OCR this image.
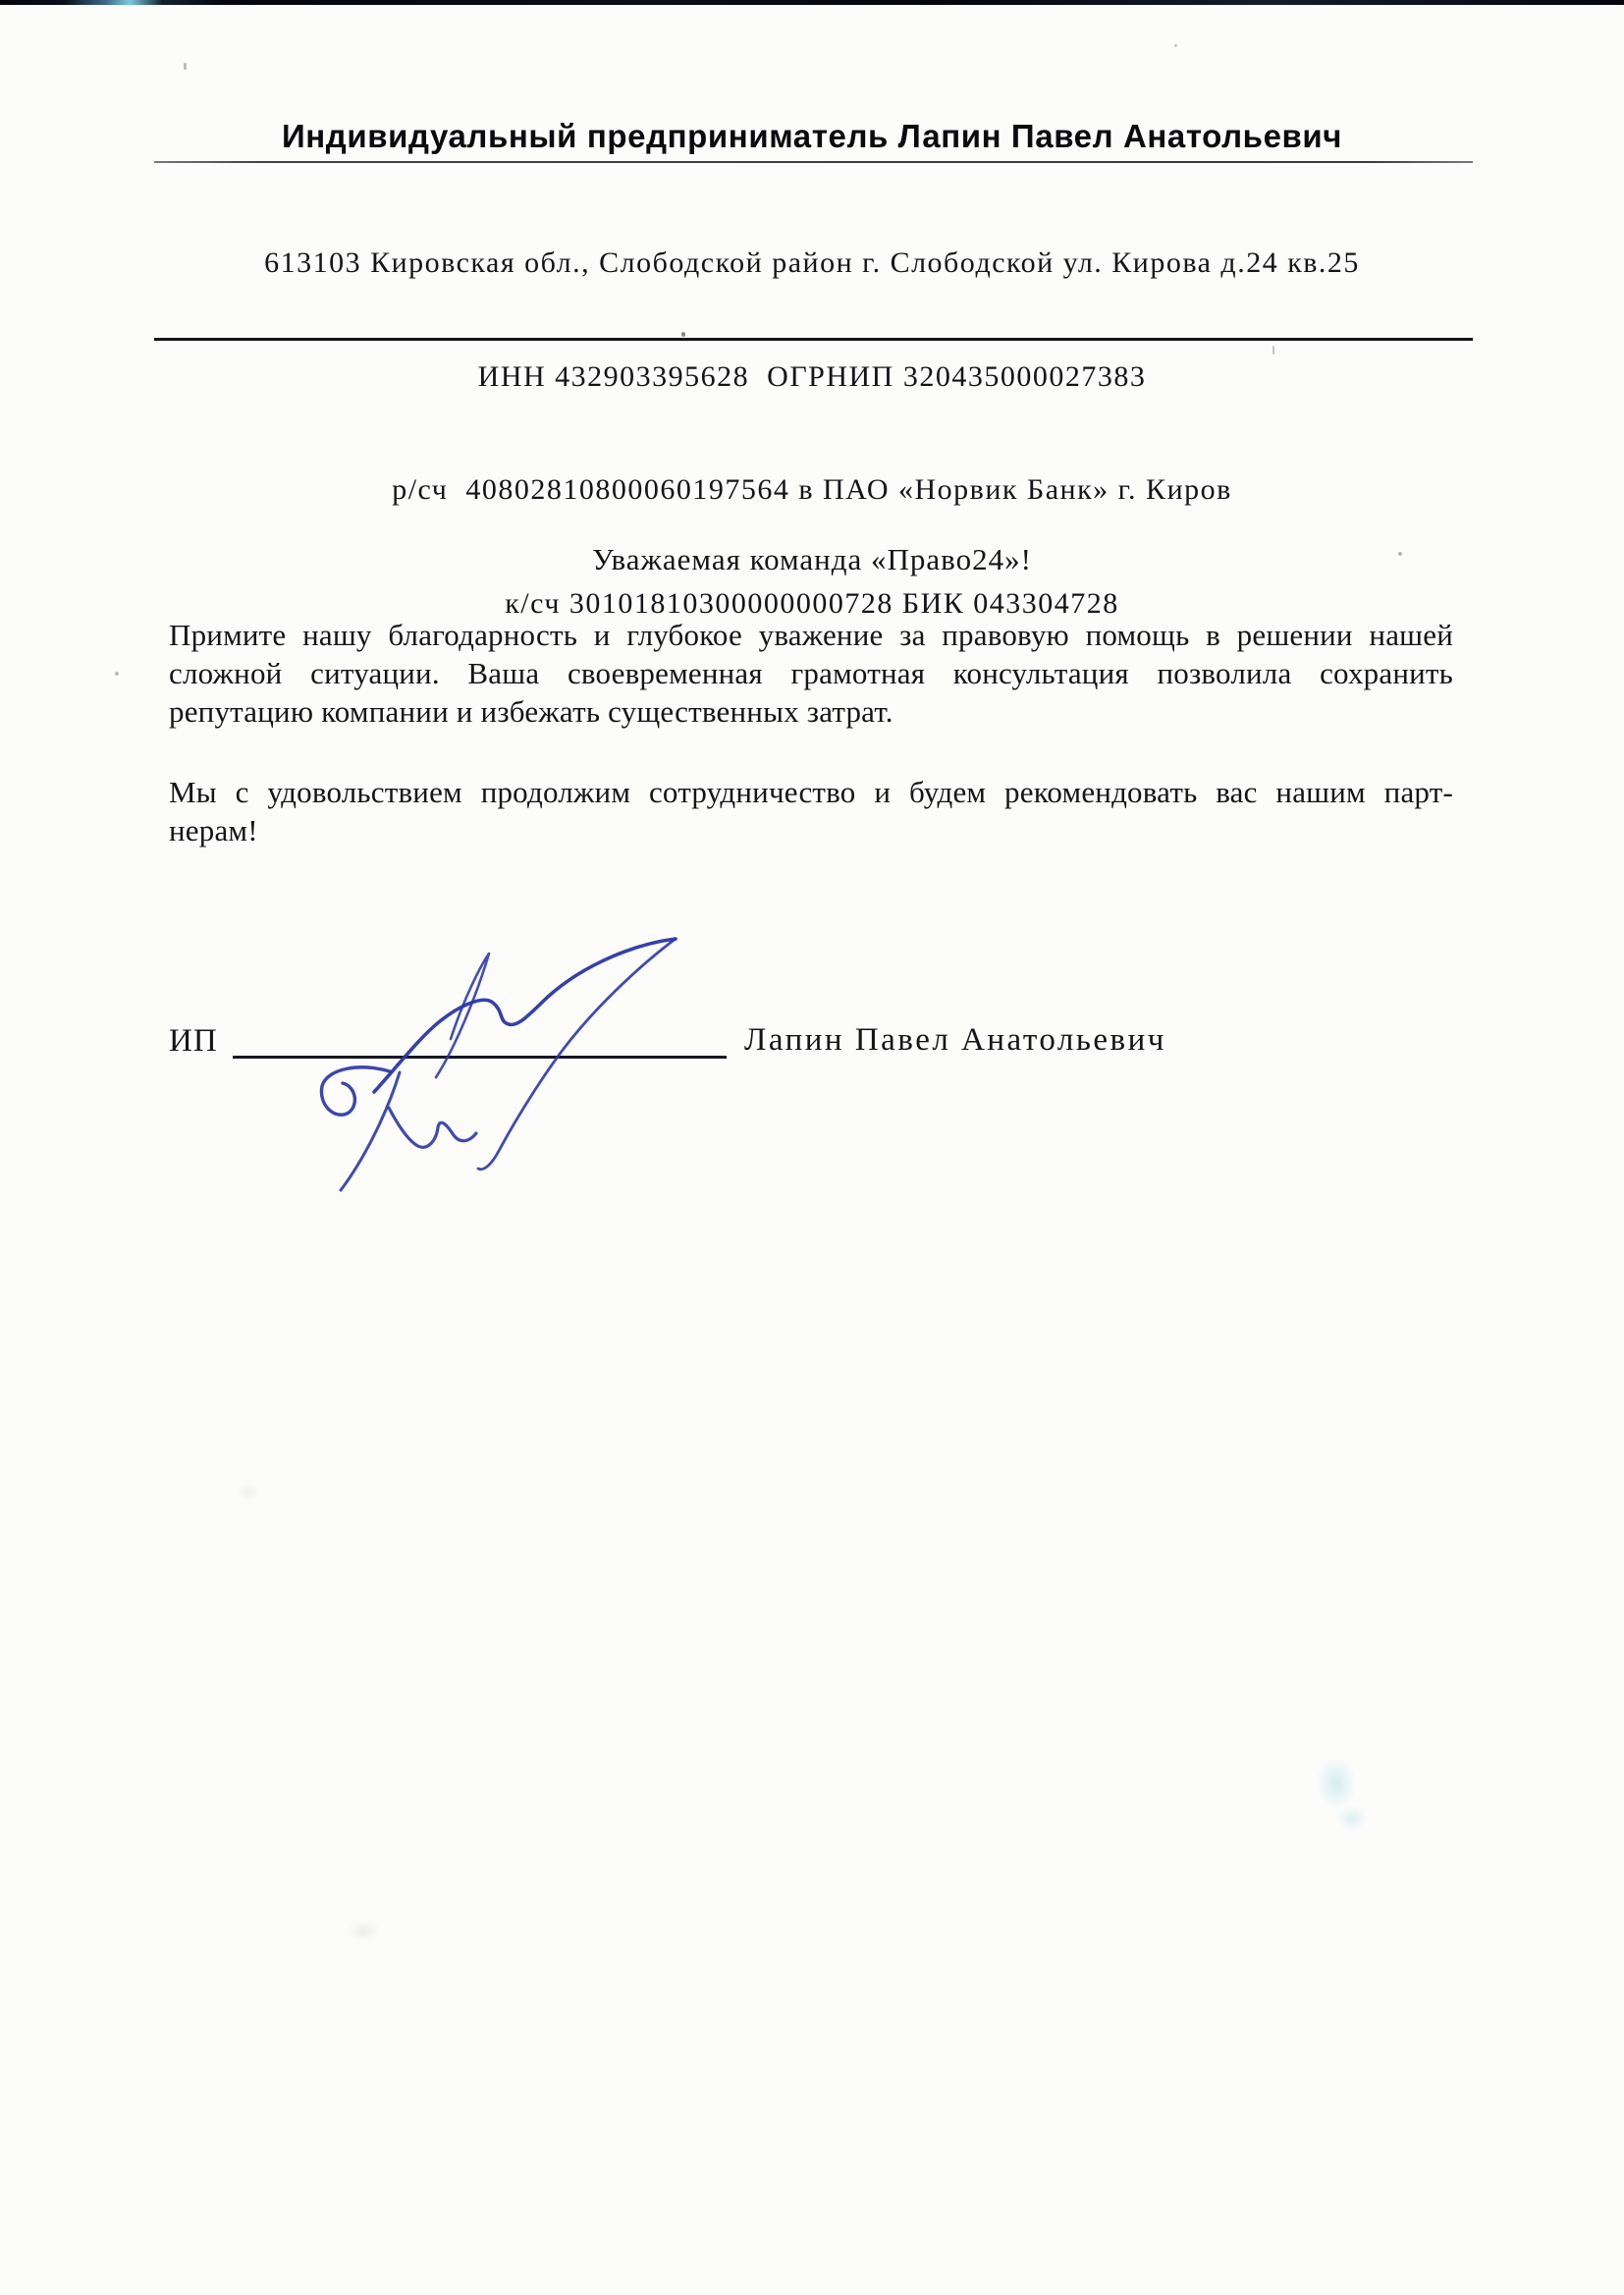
Индивидуальный предприниматель Лапин Павел Анатольевич

613103 Кировская обл., Слободской район г. Слободской ул. Кирова д.24 кв.25

ИНН 432903395628  ОГРНИП 320435000027383

р/сч  40802810800060197564 в ПАО «Норвик Банк» г. Киров

к/сч 30101810300000000728 БИК 043304728

Уважаемая команда «Право24»!
Примите нашу благодарность и глубокое уважение за правовую помощь в решении нашей
сложной ситуации. Ваша своевременная грамотная консультация позволила сохранить
репутацию компании и избежать существенных затрат.
Мы с удовольствием продолжим сотрудничество и будем рекомендовать вас нашим парт-
нерам!
ИП	Лапин Павел Анатольевич
